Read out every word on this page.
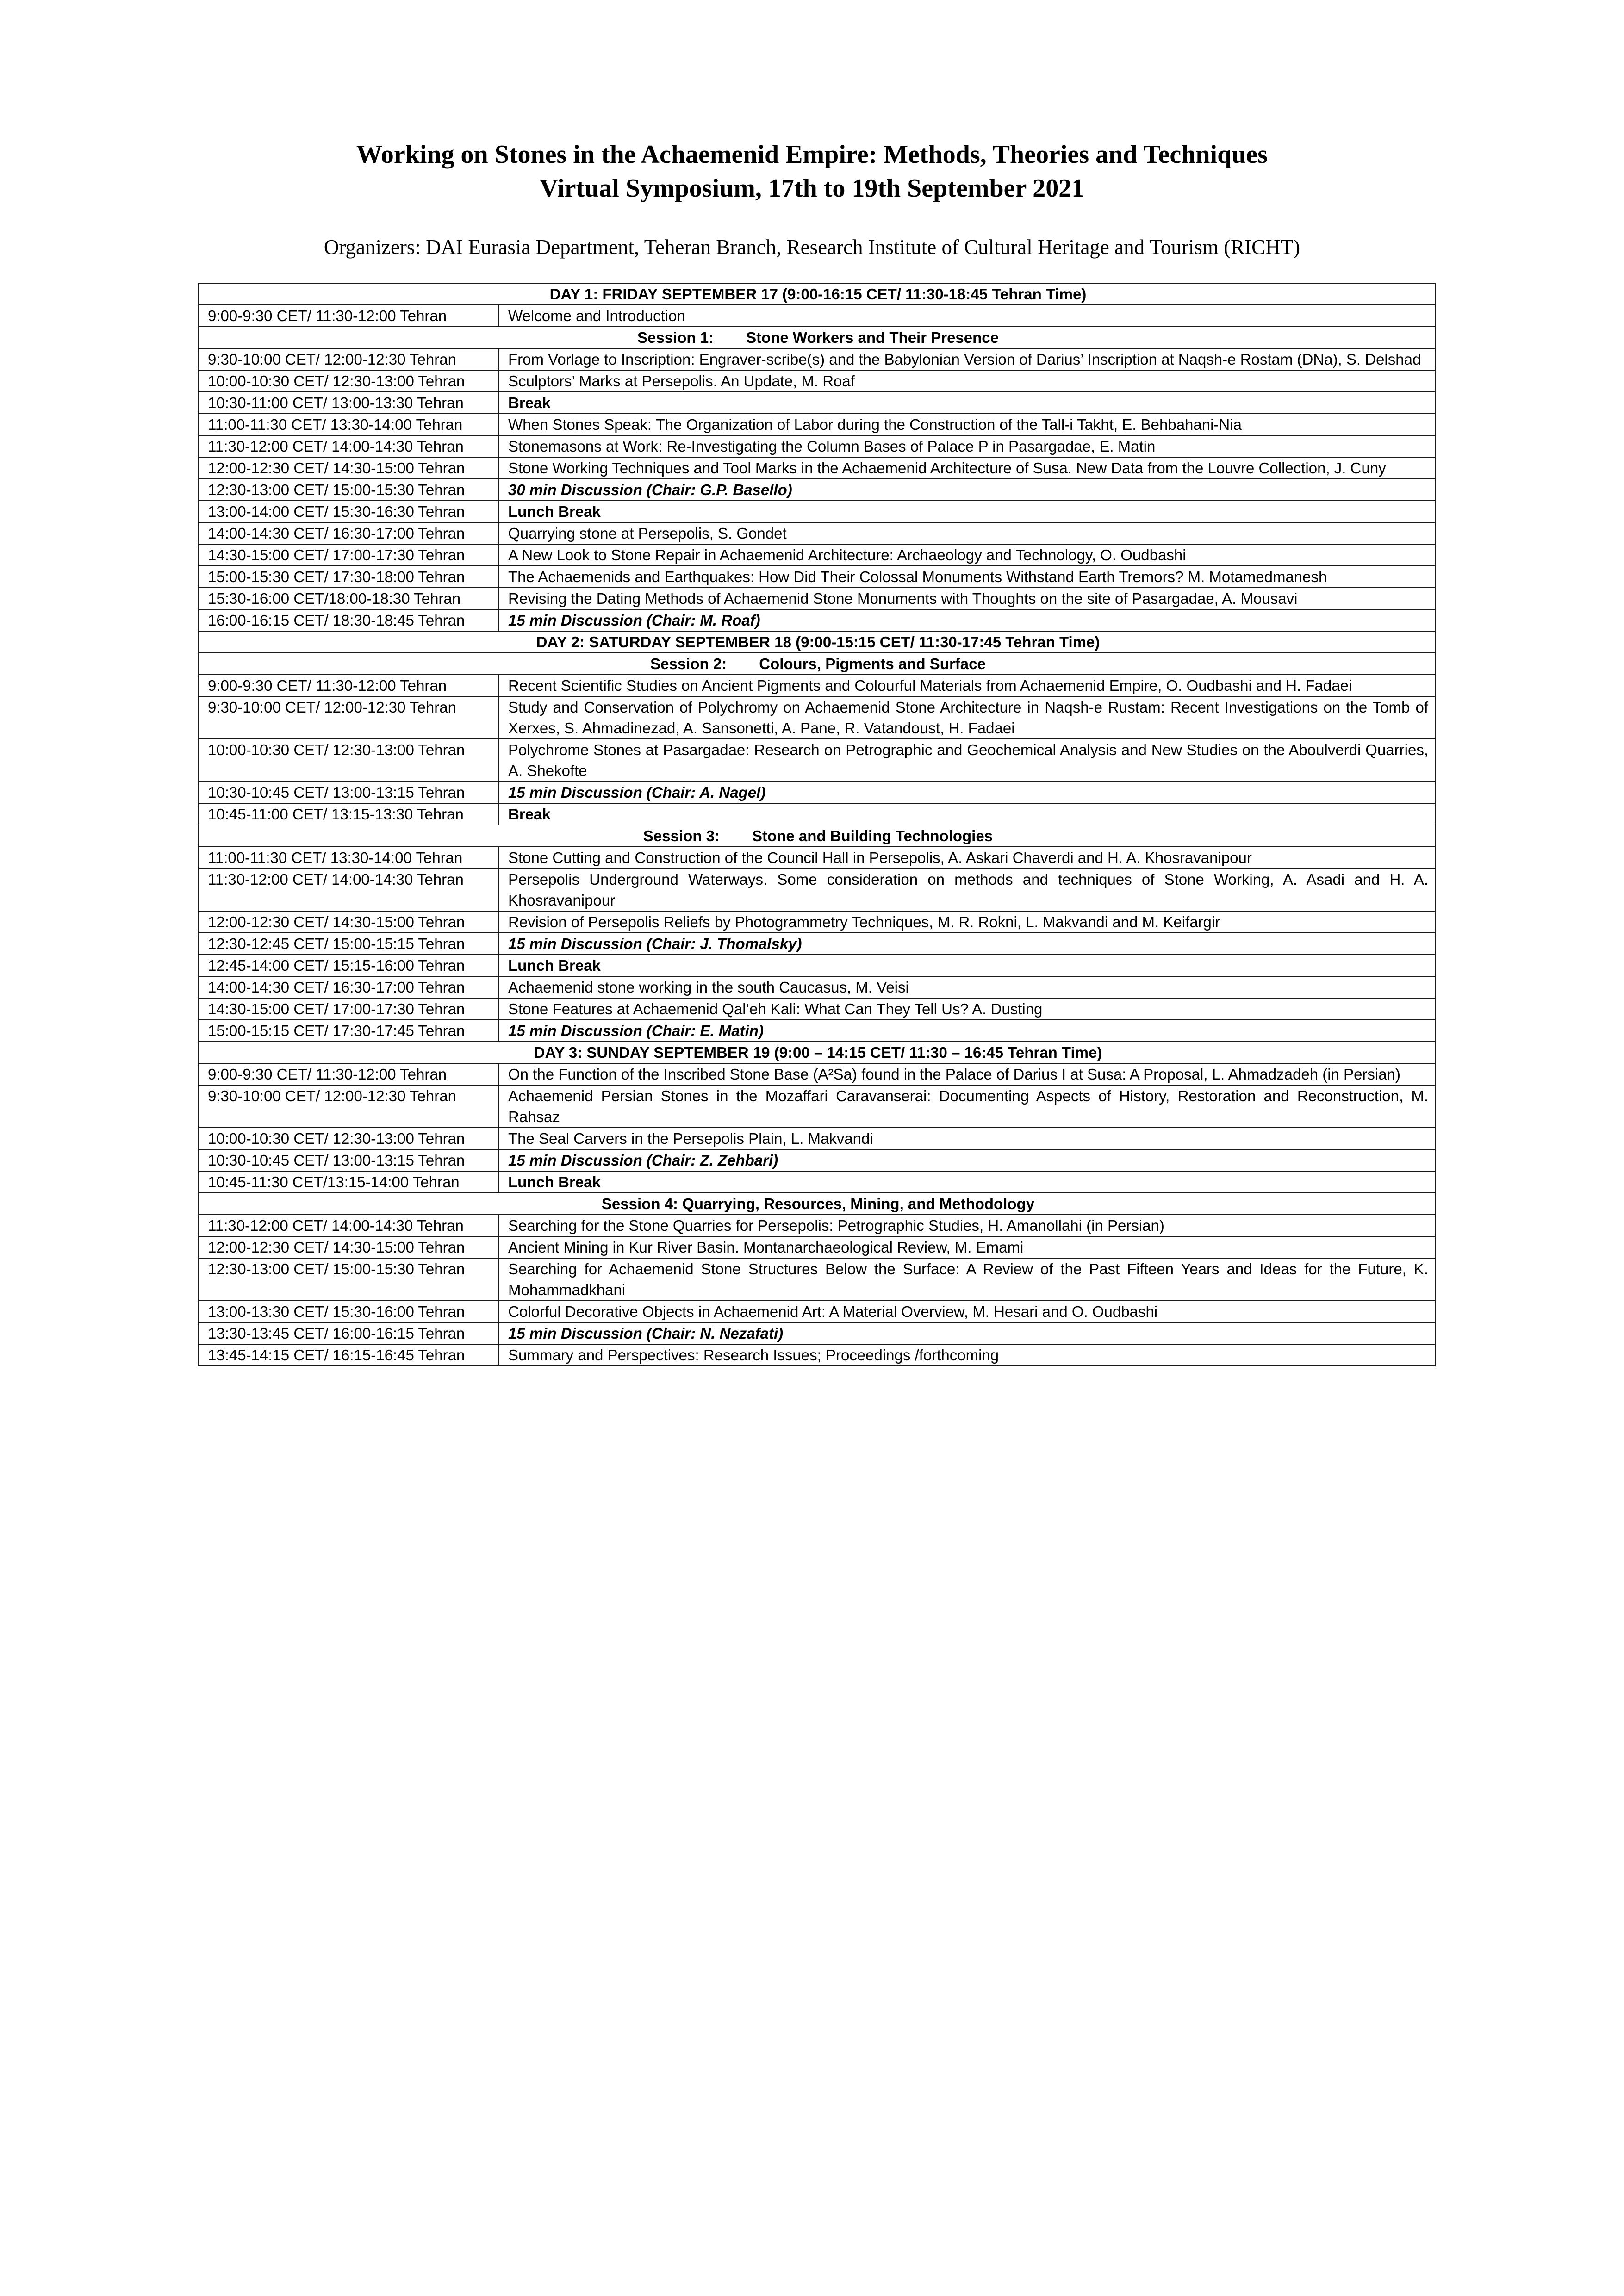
Working on Stones in the Achaemenid Empire: Methods, Theories and Techniques
Virtual Symposium, 17th to 19th September 2021
Organizers: DAI Eurasia Department, Teheran Branch, Research Institute of Cultural Heritage and Tourism (RICHT)
DAY 1: FRIDAY SEPTEMBER 17 (9:00-16:15 CET/ 11:30-18:45 Tehran Time)	
9:00-9:30 CET/ 11:30-12:00 Tehran	Welcome and Introduction
Session 1: Stone Workers and Their Presence	
9:30-10:00 CET/ 12:00-12:30 Tehran	From Vorlage to Inscription: Engraver-scribe(s) and the Babylonian Version of Darius’ Inscription at Naqsh-e Rostam (DNa), S. Delshad
10:00-10:30 CET/ 12:30-13:00 Tehran	Sculptors’ Marks at Persepolis. An Update, M. Roaf
10:30-11:00 CET/ 13:00-13:30 Tehran	Break
11:00-11:30 CET/ 13:30-14:00 Tehran	When Stones Speak: The Organization of Labor during the Construction of the Tall-i Takht, E. Behbahani-Nia
11:30-12:00 CET/ 14:00-14:30 Tehran	Stonemasons at Work: Re-Investigating the Column Bases of Palace P in Pasargadae, E. Matin
12:00-12:30 CET/ 14:30-15:00 Tehran	Stone Working Techniques and Tool Marks in the Achaemenid Architecture of Susa. New Data from the Louvre Collection, J. Cuny
12:30-13:00 CET/ 15:00-15:30 Tehran	30 min Discussion (Chair: G.P. Basello)
13:00-14:00 CET/ 15:30-16:30 Tehran	Lunch Break
14:00-14:30 CET/ 16:30-17:00 Tehran	Quarrying stone at Persepolis, S. Gondet
14:30-15:00 CET/ 17:00-17:30 Tehran	A New Look to Stone Repair in Achaemenid Architecture: Archaeology and Technology, O. Oudbashi
15:00-15:30 CET/ 17:30-18:00 Tehran	The Achaemenids and Earthquakes: How Did Their Colossal Monuments Withstand Earth Tremors? M. Motamedmanesh
15:30-16:00 CET/18:00-18:30 Tehran	Revising the Dating Methods of Achaemenid Stone Monuments with Thoughts on the site of Pasargadae, A. Mousavi
16:00-16:15 CET/ 18:30-18:45 Tehran	15 min Discussion (Chair: M. Roaf)
DAY 2: SATURDAY SEPTEMBER 18 (9:00-15:15 CET/ 11:30-17:45 Tehran Time)	
Session 2: Colours, Pigments and Surface	
9:00-9:30 CET/ 11:30-12:00 Tehran	Recent Scientific Studies on Ancient Pigments and Colourful Materials from Achaemenid Empire, O. Oudbashi and H. Fadaei
9:30-10:00 CET/ 12:00-12:30 Tehran	Study and Conservation of Polychromy on Achaemenid Stone Architecture in Naqsh-e Rustam: Recent Investigations on the Tomb of Xerxes, S. Ahmadinezad, A. Sansonetti, A. Pane, R. Vatandoust, H. Fadaei
10:00-10:30 CET/ 12:30-13:00 Tehran	Polychrome Stones at Pasargadae: Research on Petrographic and Geochemical Analysis and New Studies on the Aboulverdi Quarries, A. Shekofte
10:30-10:45 CET/ 13:00-13:15 Tehran	15 min Discussion (Chair: A. Nagel)
10:45-11:00 CET/ 13:15-13:30 Tehran	Break
Session 3: Stone and Building Technologies	
11:00-11:30 CET/ 13:30-14:00 Tehran	Stone Cutting and Construction of the Council Hall in Persepolis, A. Askari Chaverdi and H. A. Khosravanipour
11:30-12:00 CET/ 14:00-14:30 Tehran	Persepolis Underground Waterways. Some consideration on methods and techniques of Stone Working, A. Asadi and H. A. Khosravanipour
12:00-12:30 CET/ 14:30-15:00 Tehran	Revision of Persepolis Reliefs by Photogrammetry Techniques, M. R. Rokni, L. Makvandi and M. Keifargir
12:30-12:45 CET/ 15:00-15:15 Tehran	15 min Discussion (Chair: J. Thomalsky)
12:45-14:00 CET/ 15:15-16:00 Tehran	Lunch Break
14:00-14:30 CET/ 16:30-17:00 Tehran	Achaemenid stone working in the south Caucasus, M. Veisi
14:30-15:00 CET/ 17:00-17:30 Tehran	Stone Features at Achaemenid Qal’eh Kali: What Can They Tell Us? A. Dusting
15:00-15:15 CET/ 17:30-17:45 Tehran	15 min Discussion (Chair: E. Matin)
DAY 3: SUNDAY SEPTEMBER 19 (9:00 – 14:15 CET/ 11:30 – 16:45 Tehran Time)	
9:00-9:30 CET/ 11:30-12:00 Tehran	On the Function of the Inscribed Stone Base (A²Sa) found in the Palace of Darius I at Susa: A Proposal, L. Ahmadzadeh (in Persian)
9:30-10:00 CET/ 12:00-12:30 Tehran	Achaemenid Persian Stones in the Mozaffari Caravanserai: Documenting Aspects of History, Restoration and Reconstruction, M. Rahsaz
10:00-10:30 CET/ 12:30-13:00 Tehran	The Seal Carvers in the Persepolis Plain, L. Makvandi
10:30-10:45 CET/ 13:00-13:15 Tehran	15 min Discussion (Chair: Z. Zehbari)
10:45-11:30 CET/13:15-14:00 Tehran	Lunch Break
Session 4: Quarrying, Resources, Mining, and Methodology	
11:30-12:00 CET/ 14:00-14:30 Tehran	Searching for the Stone Quarries for Persepolis: Petrographic Studies, H. Amanollahi (in Persian)
12:00-12:30 CET/ 14:30-15:00 Tehran	Ancient Mining in Kur River Basin. Montanarchaeological Review, M. Emami
12:30-13:00 CET/ 15:00-15:30 Tehran	Searching for Achaemenid Stone Structures Below the Surface: A Review of the Past Fifteen Years and Ideas for the Future, K. Mohammadkhani
13:00-13:30 CET/ 15:30-16:00 Tehran	Colorful Decorative Objects in Achaemenid Art: A Material Overview, M. Hesari and O. Oudbashi
13:30-13:45 CET/ 16:00-16:15 Tehran	15 min Discussion (Chair: N. Nezafati)
13:45-14:15 CET/ 16:15-16:45 Tehran	Summary and Perspectives: Research Issues; Proceedings /forthcoming
